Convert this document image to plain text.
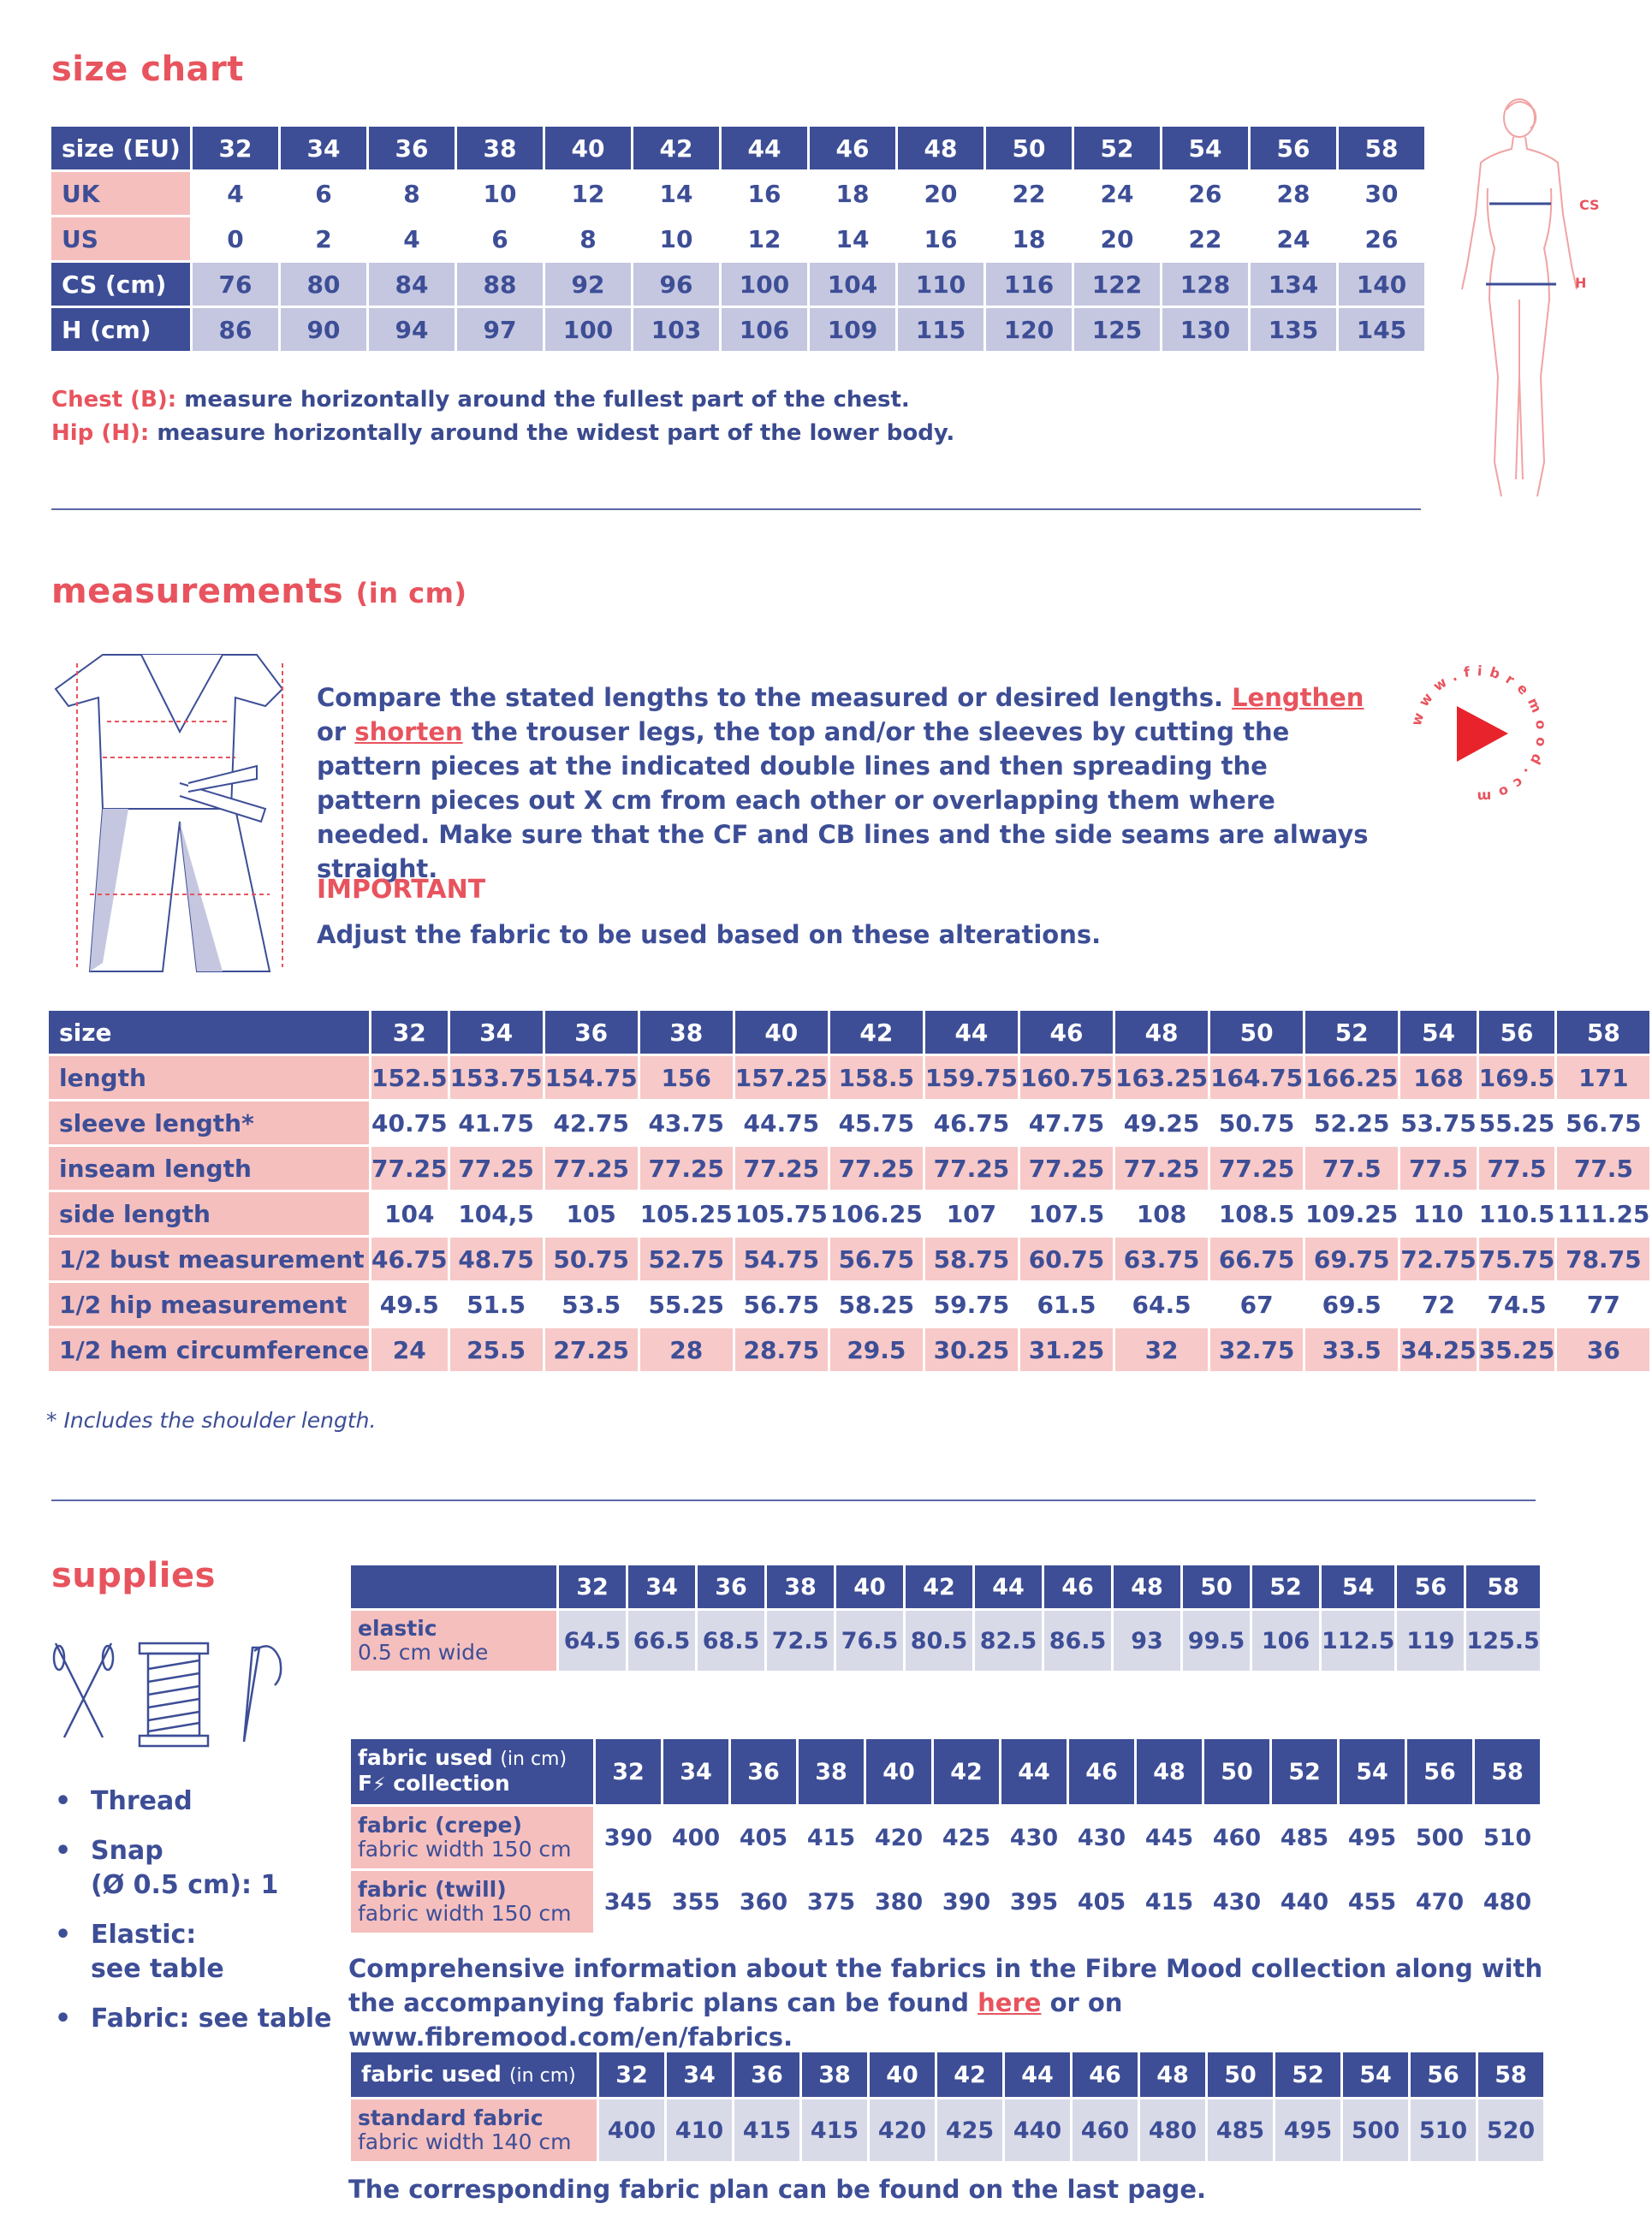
size chart
size (EU)	32	34	36	38	40	42	44	46	48	50	52	54	56	58
UK	4	6	8	10	12	14	16	18	20	22	24	26	28	30
US	0	2	4	6	8	10	12	14	16	18	20	22	24	26
CS (cm)	76	80	84	88	92	96	100	104	110	116	122	128	134	140
H (cm)	86	90	94	97	100	103	106	109	115	120	125	130	135	145
Chest (B): measure horizontally around the fullest part of the chest.
Hip (H): measure horizontally around the widest part of the lower body.
CS
H
measurements (in cm)
Compare the stated lengths to the measured or desired lengths. Lengthen or shorten the trouser legs, the top and/or the sleeves by cutting the pattern pieces at the indicated double lines and then spreading the pattern pieces out X cm from each other or overlapping them where needed. Make sure that the CF and CB lines and the side seams are always straight.
IMPORTANT
Adjust the fabric to be used based on these alterations.
www.fibremood.com
size	32	34	36	38	40	42	44	46	48	50	52	54	56	58
length	152.5	153.75	154.75	156	157.25	158.5	159.75	160.75	163.25	164.75	166.25	168	169.5	171
sleeve length*	40.75	41.75	42.75	43.75	44.75	45.75	46.75	47.75	49.25	50.75	52.25	53.75	55.25	56.75
inseam length	77.25	77.25	77.25	77.25	77.25	77.25	77.25	77.25	77.25	77.25	77.5	77.5	77.5	77.5
side length	104	104,5	105	105.25	105.75	106.25	107	107.5	108	108.5	109.25	110	110.5	111.25
1/2 bust measurement	46.75	48.75	50.75	52.75	54.75	56.75	58.75	60.75	63.75	66.75	69.75	72.75	75.75	78.75
1/2 hip measurement	49.5	51.5	53.5	55.25	56.75	58.25	59.75	61.5	64.5	67	69.5	72	74.5	77
1/2 hem circumference	24	25.5	27.25	28	28.75	29.5	30.25	31.25	32	32.75	33.5	34.25	35.25	36
* Includes the shoulder length.
supplies
• Thread
• Snap
(Ø 0.5 cm): 1
• Elastic:
see table
• Fabric: see table
	32	34	36	38	40	42	44	46	48	50	52	54	56	58

elastic
0.5 cm wide	64.5	66.5	68.5	72.5	76.5	80.5	82.5	86.5	93	99.5	106	112.5	119	125.5
fabric used (in cm)
F⚡ collection	32	34	36	38	40	42	44	46	48	50	52	54	56	58

fabric (crepe)
fabric width 150 cm	390	400	405	415	420	425	430	430	445	460	485	495	500	510

fabric (twill)
fabric width 150 cm	345	355	360	375	380	390	395	405	415	430	440	455	470	480
Comprehensive information about the fabrics in the Fibre Mood collection along with the accompanying fabric plans can be found here or on www.fibremood.com/en/fabrics.
fabric used (in cm)	32	34	36	38	40	42	44	46	48	50	52	54	56	58

standard fabric
fabric width 140 cm	400	410	415	415	420	425	440	460	480	485	495	500	510	520
The corresponding fabric plan can be found on the last page.
